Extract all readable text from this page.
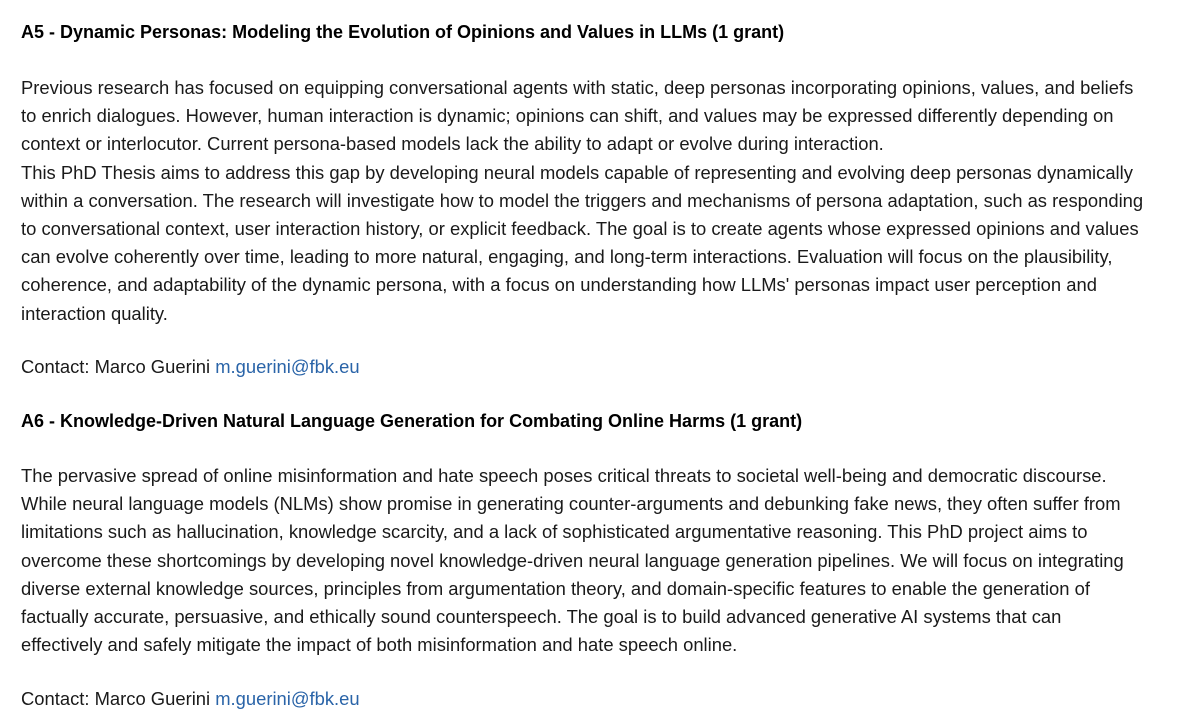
A5 - Dynamic Personas: Modeling the Evolution of Opinions and Values in LLMs (1 grant)
Previous research has focused on equipping conversational agents with static, deep personas incorporating opinions, values, and beliefs
to enrich dialogues. However, human interaction is dynamic; opinions can shift, and values may be expressed differently depending on
context or interlocutor. Current persona-based models lack the ability to adapt or evolve during interaction.
This PhD Thesis aims to address this gap by developing neural models capable of representing and evolving deep personas dynamically
within a conversation. The research will investigate how to model the triggers and mechanisms of persona adaptation, such as responding
to conversational context, user interaction history, or explicit feedback. The goal is to create agents whose expressed opinions and values
can evolve coherently over time, leading to more natural, engaging, and long-term interactions. Evaluation will focus on the plausibility,
coherence, and adaptability of the dynamic persona, with a focus on understanding how LLMs' personas impact user perception and
interaction quality.

Contact: Marco Guerini m.guerini@fbk.eu

A6 - Knowledge-Driven Natural Language Generation for Combating Online Harms (1 grant)
The pervasive spread of online misinformation and hate speech poses critical threats to societal well-being and democratic discourse.
While neural language models (NLMs) show promise in generating counter-arguments and debunking fake news, they often suffer from
limitations such as hallucination, knowledge scarcity, and a lack of sophisticated argumentative reasoning. This PhD project aims to
overcome these shortcomings by developing novel knowledge-driven neural language generation pipelines. We will focus on integrating
diverse external knowledge sources, principles from argumentation theory, and domain-specific features to enable the generation of
factually accurate, persuasive, and ethically sound counterspeech. The goal is to build advanced generative AI systems that can
effectively and safely mitigate the impact of both misinformation and hate speech online.

Contact: Marco Guerini m.guerini@fbk.eu
